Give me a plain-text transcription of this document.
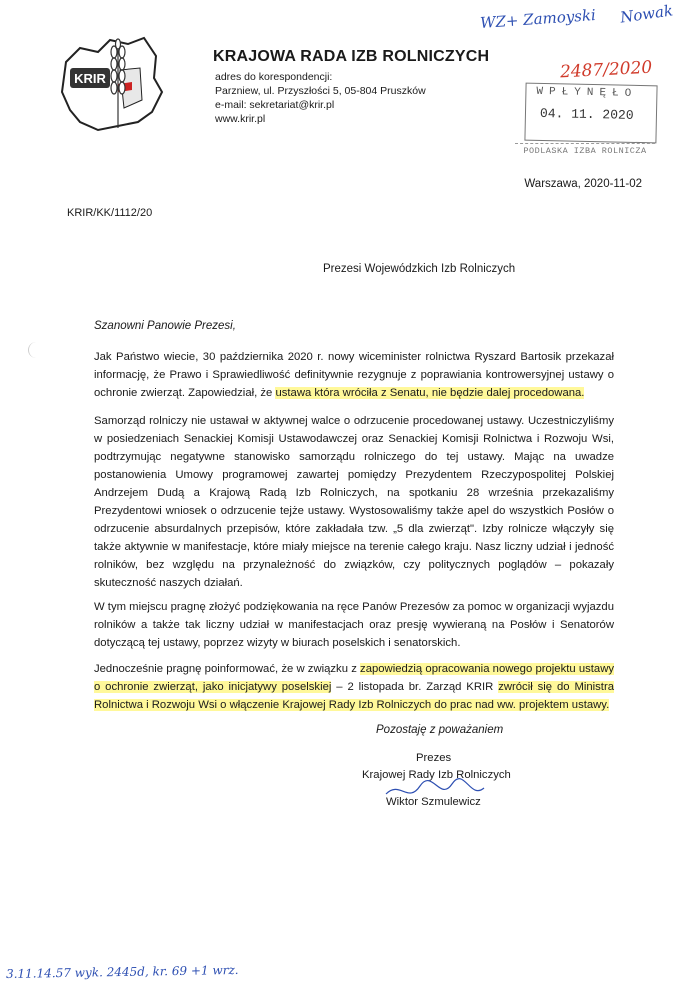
KRIR
KRAJOWA RADA IZB ROLNICZYCH
adres do korespondencji:
Parzniew, ul. Przyszłości 5, 05-804 Pruszków
e-mail: sekretariat@krir.pl
www.krir.pl
WZ+ Zamoyski Nowak
2487/2020
WPŁYNĘŁO
04. 11. 2020
PODLASKA IZBA ROLNICZA
Warszawa, 2020-11-02
KRIR/KK/1112/20
Prezesi Wojewódzkich Izb Rolniczych
Szanowni Panowie Prezesi,
Jak Państwo wiecie, 30 października 2020 r. nowy wiceminister rolnictwa Ryszard Bartosik przekazał informację, że Prawo i Sprawiedliwość definitywnie rezygnuje z poprawiania kontrowersyjnej ustawy o ochronie zwierząt. Zapowiedział, że ustawa która wróciła z Senatu, nie będzie dalej procedowana.
Samorząd rolniczy nie ustawał w aktywnej walce o odrzucenie procedowanej ustawy. Uczestniczyliśmy w posiedzeniach Senackiej Komisji Ustawodawczej oraz Senackiej Komisji Rolnictwa i Rozwoju Wsi, podtrzymując negatywne stanowisko samorządu rolniczego do tej ustawy. Mając na uwadze postanowienia Umowy programowej zawartej pomiędzy Prezydentem Rzeczypospolitej Polskiej Andrzejem Dudą a Krajową Radą Izb Rolniczych, na spotkaniu 28 września przekazaliśmy Prezydentowi wniosek o odrzucenie tejże ustawy. Wystosowaliśmy także apel do wszystkich Posłów o odrzucenie absurdalnych przepisów, które zakładała tzw. „5 dla zwierząt". Izby rolnicze włączyły się także aktywnie w manifestacje, które miały miejsce na terenie całego kraju. Nasz liczny udział i jedność rolników, bez względu na przynależność do związków, czy politycznych poglądów – pokazały skuteczność naszych działań.
W tym miejscu pragnę złożyć podziękowania na ręce Panów Prezesów za pomoc w organizacji wyjazdu rolników a także tak liczny udział w manifestacjach oraz presję wywieraną na Posłów i Senatorów dotyczącą tej ustawy, poprzez wizyty w biurach poselskich i senatorskich.
Jednocześnie pragnę poinformować, że w związku z zapowiedzią opracowania nowego projektu ustawy o ochronie zwierząt, jako inicjatywy poselskiej – 2 listopada br. Zarząd KRIR zwrócił się do Ministra Rolnictwa i Rozwoju Wsi o włączenie Krajowej Rady Izb Rolniczych do prac nad ww. projektem ustawy.
Pozostaję z poważaniem
Prezes
Krajowej Rady Izb Rolniczych
Wiktor Szmulewicz
3.11.14.57 wyk. 2445d, kr. 69 +1 wrz.
